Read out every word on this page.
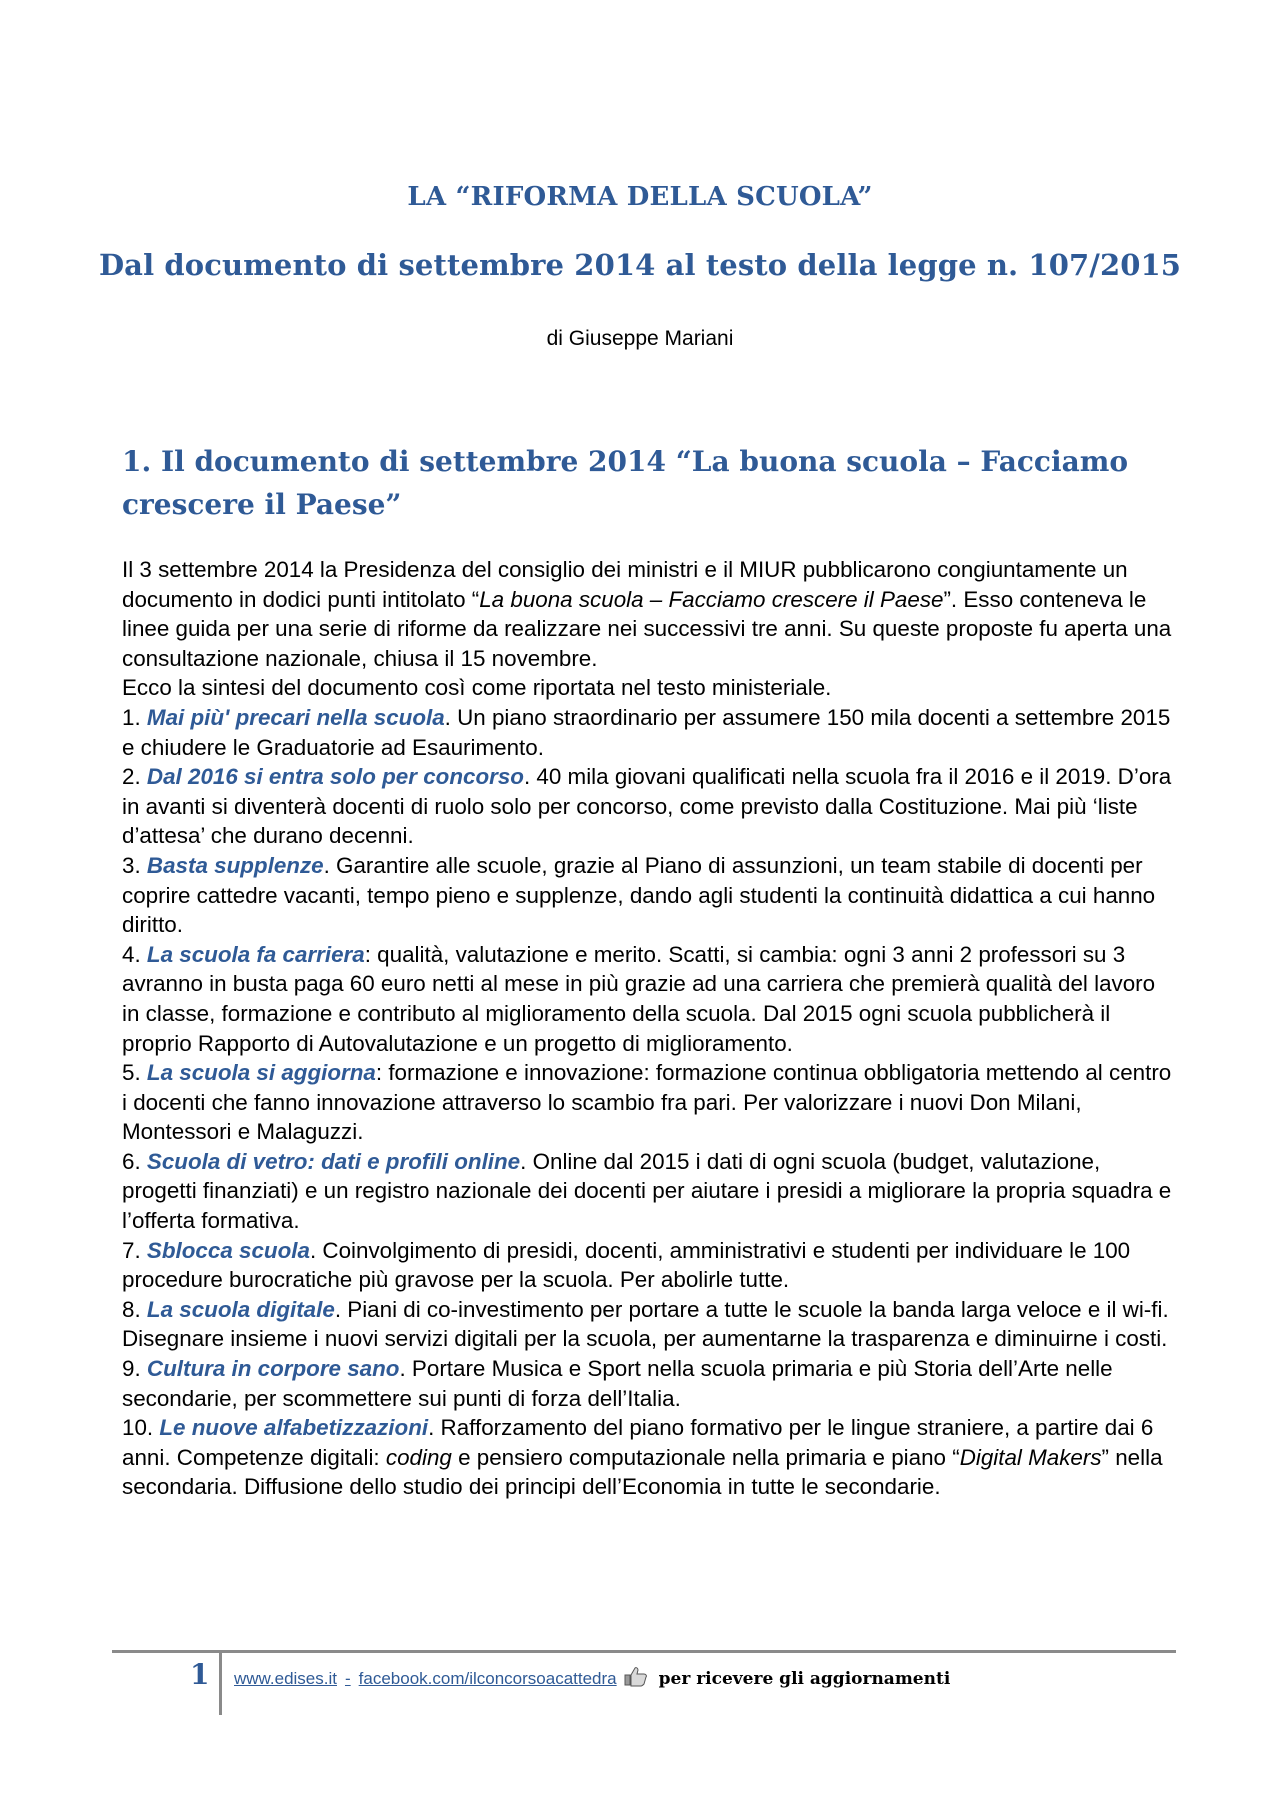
LA “RIFORMA DELLA SCUOLA”
Dal documento di settembre 2014 al testo della legge n. 107/2015
di Giuseppe Mariani
1. Il documento di settembre 2014 “La buona scuola – Facciamo crescere il Paese”

Il 3 settembre 2014 la Presidenza del consiglio dei ministri e il MIUR pubblicarono congiuntamente un documento in dodici punti intitolato “La buona scuola – Facciamo crescere il Paese”. Esso conteneva le linee guida per una serie di riforme da realizzare nei successivi tre anni. Su queste proposte fu aperta una consultazione nazionale, chiusa il 15 novembre.

Ecco la sintesi del documento così come riportata nel testo ministeriale.

1. Mai più' precari nella scuola. Un piano straordinario per assumere 150 mila docenti a settembre 2015 e chiudere le Graduatorie ad Esaurimento.

2. Dal 2016 si entra solo per concorso. 40 mila giovani qualificati nella scuola fra il 2016 e il 2019. D’ora in avanti si diventerà docenti di ruolo solo per concorso, come previsto dalla Costituzione. Mai più ‘liste d’attesa’ che durano decenni.

3. Basta supplenze. Garantire alle scuole, grazie al Piano di assunzioni, un team stabile di docenti per coprire cattedre vacanti, tempo pieno e supplenze, dando agli studenti la continuità didattica a cui hanno diritto.

4. La scuola fa carriera: qualità, valutazione e merito. Scatti, si cambia: ogni 3 anni 2 professori su 3 avranno in busta paga 60 euro netti al mese in più grazie ad una carriera che premierà qualità del lavoro in classe, formazione e contributo al miglioramento della scuola. Dal 2015 ogni scuola pubblicherà il proprio Rapporto di Autovalutazione e un progetto di miglioramento.

5. La scuola si aggiorna: formazione e innovazione: formazione continua obbligatoria mettendo al centro i docenti che fanno innovazione attraverso lo scambio fra pari. Per valorizzare i nuovi Don Milani, Montessori e Malaguzzi.

6. Scuola di vetro: dati e profili online. Online dal 2015 i dati di ogni scuola (budget, valutazione, progetti finanziati) e un registro nazionale dei docenti per aiutare i presidi a migliorare la propria squadra e l’offerta formativa.

7. Sblocca scuola. Coinvolgimento di presidi, docenti, amministrativi e studenti per individuare le 100 procedure burocratiche più gravose per la scuola. Per abolirle tutte.

8. La scuola digitale. Piani di co-investimento per portare a tutte le scuole la banda larga veloce e il wi-fi. Disegnare insieme i nuovi servizi digitali per la scuola, per aumentarne la trasparenza e diminuirne i costi.

9. Cultura in corpore sano. Portare Musica e Sport nella scuola primaria e più Storia dell’Arte nelle secondarie, per scommettere sui punti di forza dell’Italia.

10. Le nuove alfabetizzazioni. Rafforzamento del piano formativo per le lingue straniere, a partire dai 6 anni. Competenze digitali: coding e pensiero computazionale nella primaria e piano “Digital Makers” nella secondaria. Diffusione dello studio dei principi dell’Economia in tutte le secondarie.

1 www.edises.it - facebook.com/ilconcorsoacattedra per ricevere gli aggiornamenti
